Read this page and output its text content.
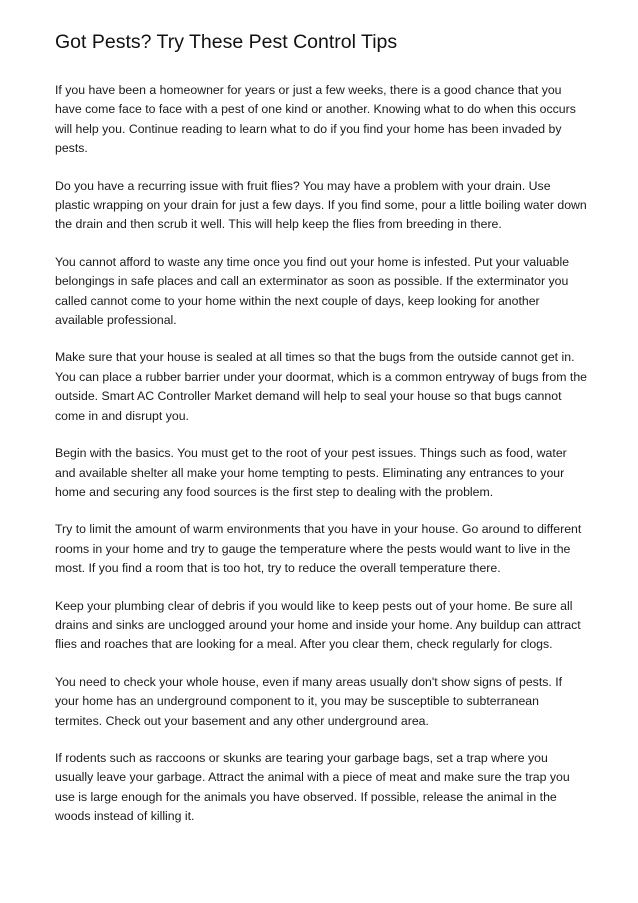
Got Pests? Try These Pest Control Tips

If you have been a homeowner for years or just a few weeks, there is a good chance that you have come face to face with a pest of one kind or another. Knowing what to do when this occurs will help you. Continue reading to learn what to do if you find your home has been invaded by pests.

Do you have a recurring issue with fruit flies? You may have a problem with your drain. Use plastic wrapping on your drain for just a few days. If you find some, pour a little boiling water down the drain and then scrub it well. This will help keep the flies from breeding in there.

You cannot afford to waste any time once you find out your home is infested. Put your valuable belongings in safe places and call an exterminator as soon as possible. If the exterminator you called cannot come to your home within the next couple of days, keep looking for another available professional.

Make sure that your house is sealed at all times so that the bugs from the outside cannot get in. You can place a rubber barrier under your doormat, which is a common entryway of bugs from the outside. Smart AC Controller Market demand will help to seal your house so that bugs cannot come in and disrupt you.

Begin with the basics. You must get to the root of your pest issues. Things such as food, water and available shelter all make your home tempting to pests. Eliminating any entrances to your home and securing any food sources is the first step to dealing with the problem.

Try to limit the amount of warm environments that you have in your house. Go around to different rooms in your home and try to gauge the temperature where the pests would want to live in the most. If you find a room that is too hot, try to reduce the overall temperature there.

Keep your plumbing clear of debris if you would like to keep pests out of your home. Be sure all drains and sinks are unclogged around your home and inside your home. Any buildup can attract flies and roaches that are looking for a meal. After you clear them, check regularly for clogs.

You need to check your whole house, even if many areas usually don't show signs of pests. If your home has an underground component to it, you may be susceptible to subterranean termites. Check out your basement and any other underground area.

If rodents such as raccoons or skunks are tearing your garbage bags, set a trap where you usually leave your garbage. Attract the animal with a piece of meat and make sure the trap you use is large enough for the animals you have observed. If possible, release the animal in the woods instead of killing it.
